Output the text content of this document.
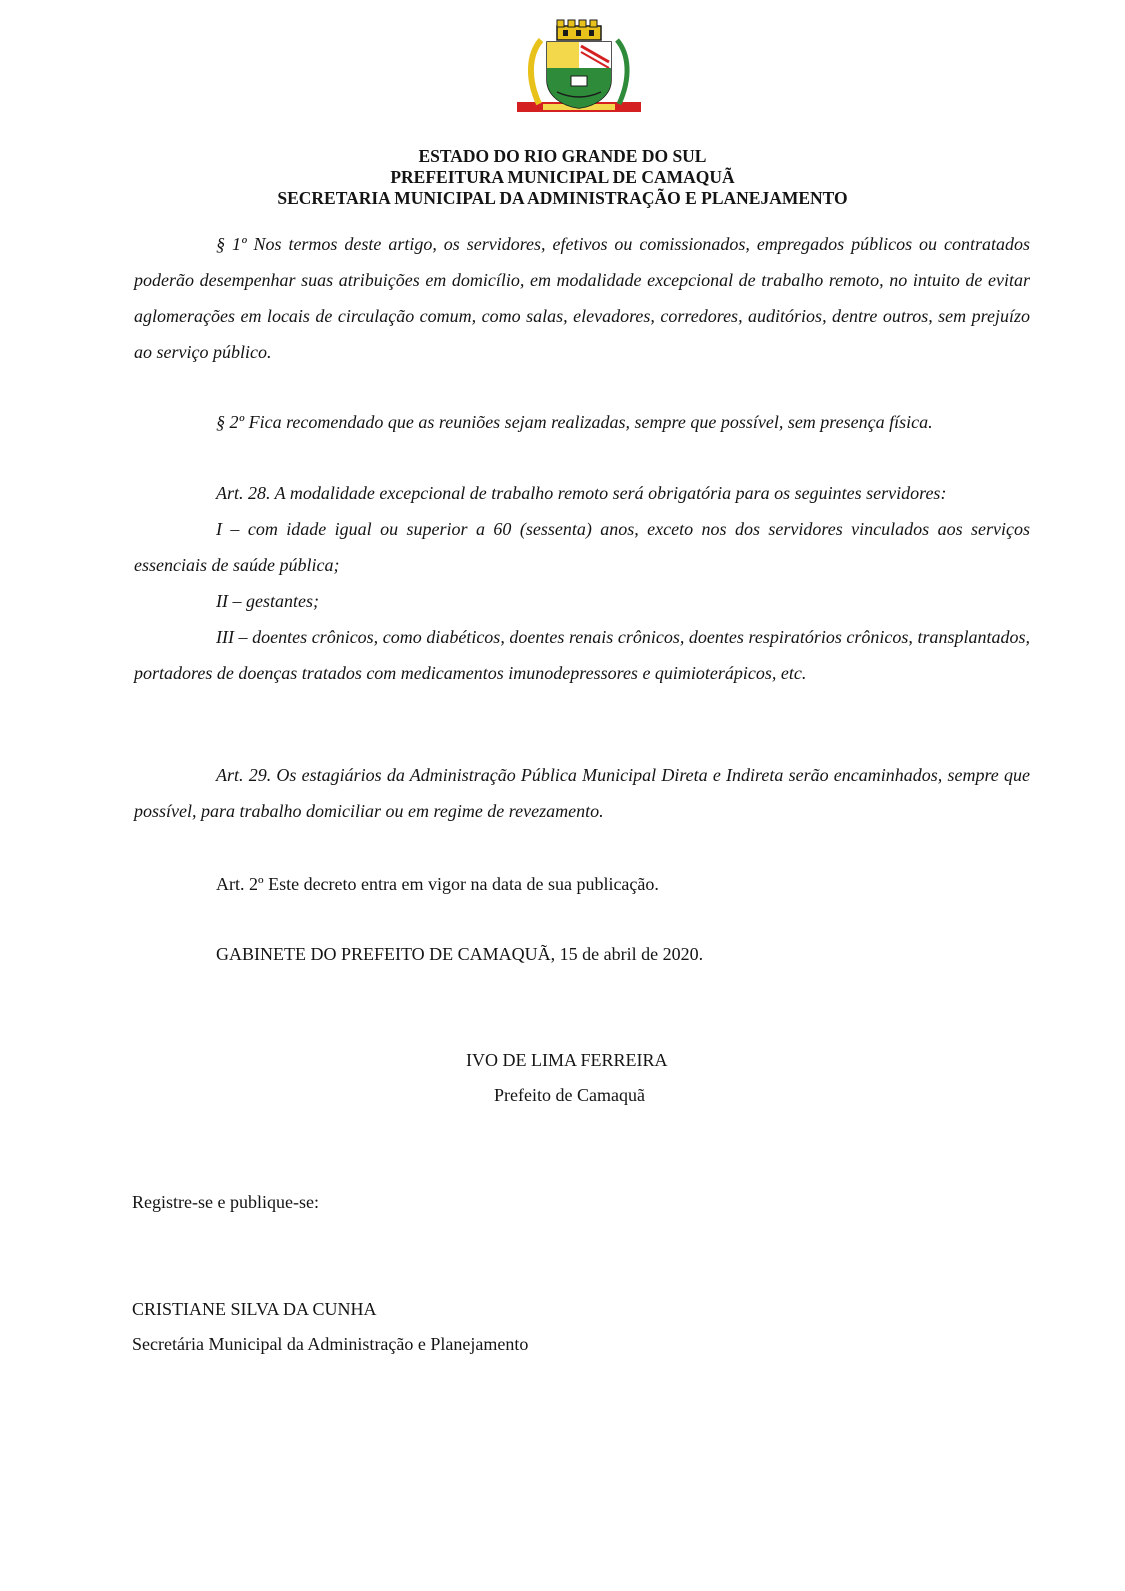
ESTADO DO RIO GRANDE DO SUL
PREFEITURA MUNICIPAL DE CAMAQUÃ
SECRETARIA MUNICIPAL DA ADMINISTRAÇÃO E PLANEJAMENTO

§ 1º Nos termos deste artigo, os servidores, efetivos ou comissionados, empregados públicos ou contratados poderão desempenhar suas atribuições em domicílio, em modalidade excepcional de trabalho remoto, no intuito de evitar aglomerações em locais de circulação comum, como salas, elevadores, corredores, auditórios, dentre outros, sem prejuízo ao serviço público.

§ 2º Fica recomendado que as reuniões sejam realizadas, sempre que possível, sem presença física.

Art. 28. A modalidade excepcional de trabalho remoto será obrigatória para os seguintes servidores:

I – com idade igual ou superior a 60 (sessenta) anos, exceto nos dos servidores vinculados aos serviços essenciais de saúde pública;

II – gestantes;

III – doentes crônicos, como diabéticos, doentes renais crônicos, doentes respiratórios crônicos, transplantados, portadores de doenças tratados com medicamentos imunodepressores e quimioterápicos, etc.

Art. 29. Os estagiários da Administração Pública Municipal Direta e Indireta serão encaminhados, sempre que possível, para trabalho domiciliar ou em regime de revezamento.

Art. 2º Este decreto entra em vigor na data de sua publicação.
GABINETE DO PREFEITO DE CAMAQUÃ, 15 de abril de 2020.
IVO DE LIMA FERREIRA
Prefeito de Camaquã
Registre-se e publique-se:
CRISTIANE SILVA DA CUNHA
Secretária Municipal da Administração e Planejamento
